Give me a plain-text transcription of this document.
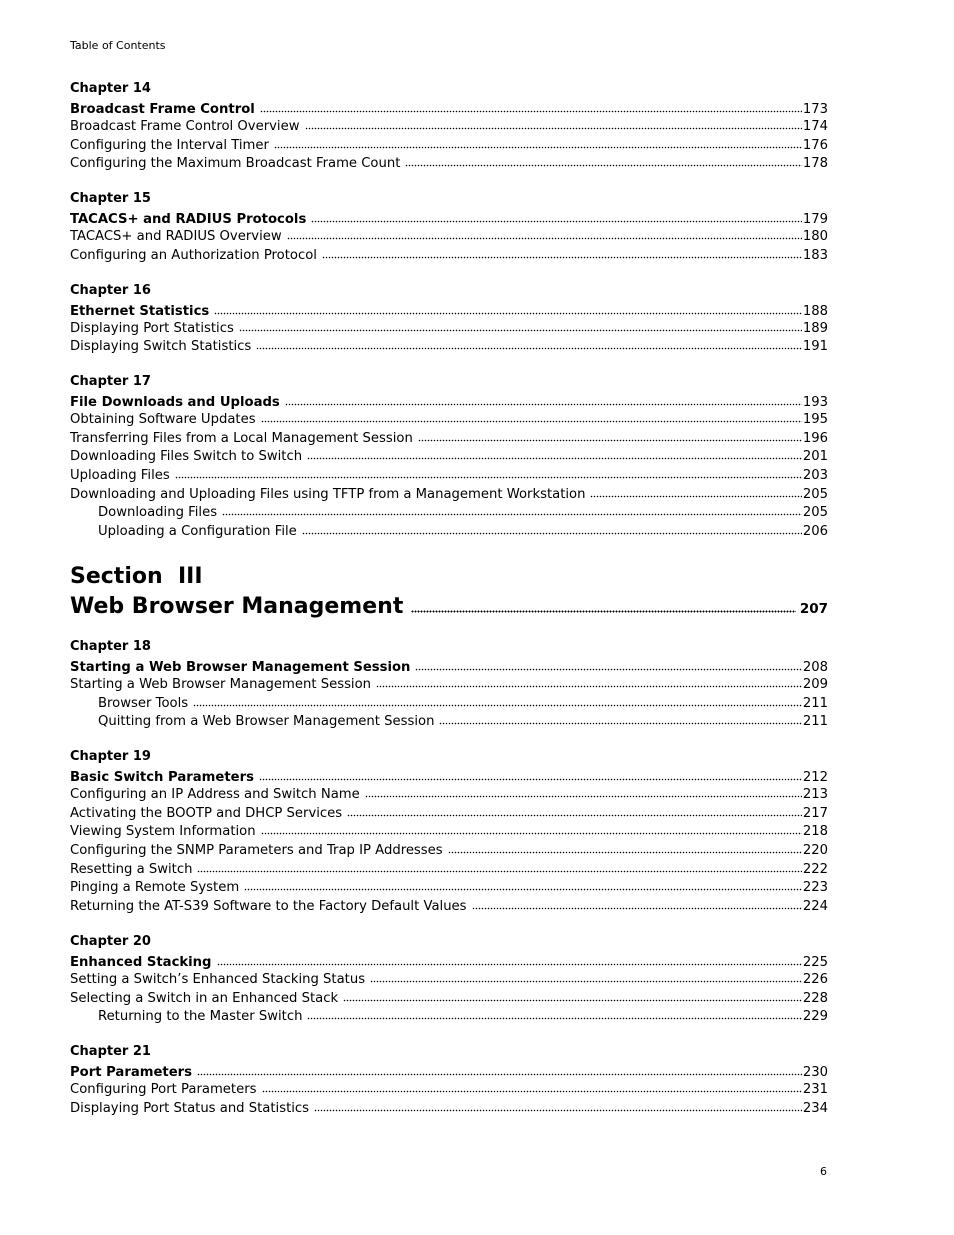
Table of Contents
Chapter 14
Broadcast Frame Control	173
Broadcast Frame Control Overview	174
Configuring the Interval Timer	176
Configuring the Maximum Broadcast Frame Count	178
Chapter 15
TACACS+ and RADIUS Protocols	179
TACACS+ and RADIUS Overview	180
Configuring an Authorization Protocol	183
Chapter 16
Ethernet Statistics	188
Displaying Port Statistics	189
Displaying Switch Statistics	191
Chapter 17
File Downloads and Uploads	193
Obtaining Software Updates	195
Transferring Files from a Local Management Session	196
Downloading Files Switch to Switch	201
Uploading Files	203
Downloading and Uploading Files using TFTP from a Management Workstation	205
Downloading Files	205
Uploading a Configuration File	206
Section  III
Web Browser Management	207
Chapter 18
Starting a Web Browser Management Session	208
Starting a Web Browser Management Session	209
Browser Tools	211
Quitting from a Web Browser Management Session	211
Chapter 19
Basic Switch Parameters	212
Configuring an IP Address and Switch Name	213
Activating the BOOTP and DHCP Services	217
Viewing System Information	218
Configuring the SNMP Parameters and Trap IP Addresses	220
Resetting a Switch	222
Pinging a Remote System	223
Returning the AT-S39 Software to the Factory Default Values	224
Chapter 20
Enhanced Stacking	225
Setting a Switch’s Enhanced Stacking Status	226
Selecting a Switch in an Enhanced Stack	228
Returning to the Master Switch	229
Chapter 21
Port Parameters	230
Configuring Port Parameters	231
Displaying Port Status and Statistics	234
6
